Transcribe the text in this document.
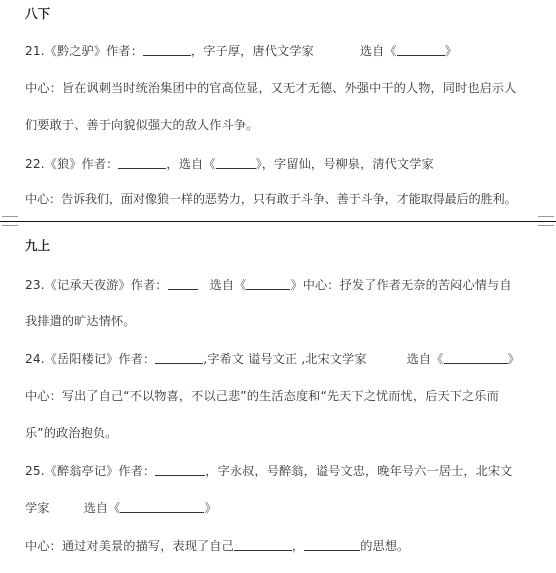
八下
21.《黔之驴》作者：	，字子厚，唐代文学家	选自《	》
中心：旨在讽刺当时统治集团中的官高位显，又无才无德、外强中干的人物，同时也启示人
们要敢于、善于向貌似强大的敌人作斗争。
22.《狼》作者：	，选自《	》，字留仙，号柳泉，清代文学家
中心：告诉我们，面对像狼一样的恶势力，只有敢于斗争、善于斗争，才能取得最后的胜利。
九上
23.《记承天夜游》作者：	选自《	》中心：抒发了作者无奈的苦闷心情与自
我排遣的旷达情怀。
24.《岳阳楼记》作者：	,字希文 谥号文正 ,北宋文学家	选自《	》
中心：写出了自己“不以物喜，不以己悲”的生活态度和“先天下之忧而忧，后天下之乐而
乐”的政治抱负。
25.《醉翁亭记》作者：	，字永叔，号醉翁，谥号文忠，晚年号六一居士，北宋文
学家	选自《	》
中心：通过对美景的描写，表现了自己	，	的思想。
